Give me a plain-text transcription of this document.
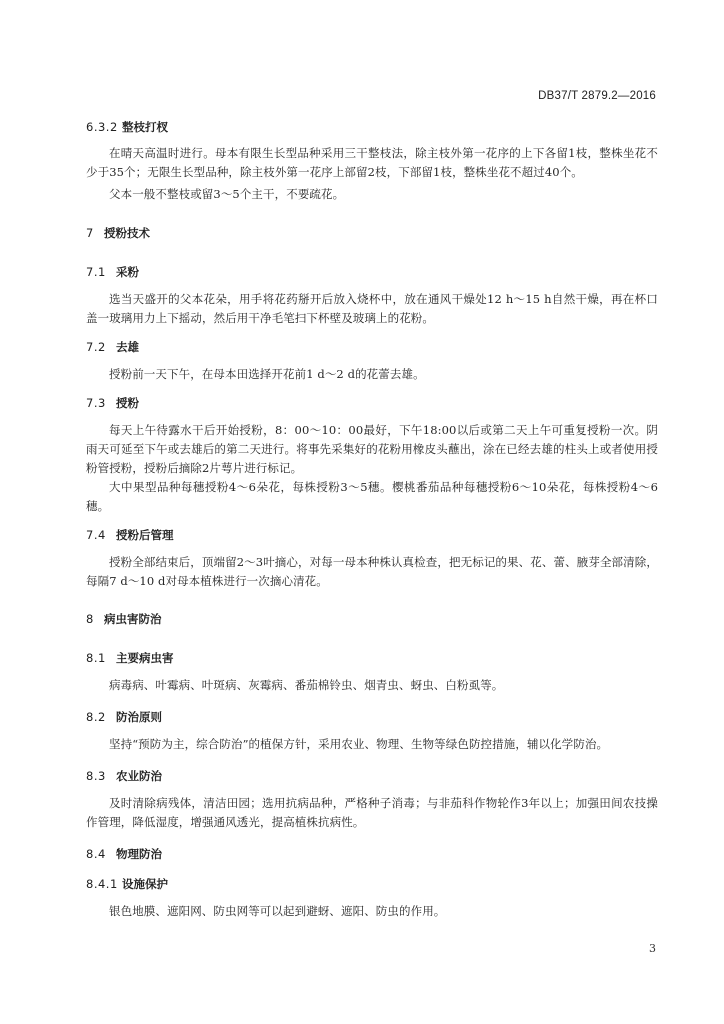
DB37/T 2879.2—2016
6.3.2 整枝打杈

在晴天高温时进行。母本有限生长型品种采用三干整枝法，除主枝外第一花序的上下各留1枝，整株坐花不少于35个；无限生长型品种，除主枝外第一花序上部留2枝，下部留1枝，整株坐花不超过40个。

父本一般不整枝或留3～5个主干，不要疏花。

7 授粉技术
7.1 采粉

选当天盛开的父本花朵，用手将花药掰开后放入烧杯中，放在通风干燥处12 h～15 h自然干燥，再在杯口盖一玻璃用力上下摇动，然后用干净毛笔扫下杯壁及玻璃上的花粉。

7.2 去雄

授粉前一天下午，在母本田选择开花前1 d～2 d的花蕾去雄。

7.3 授粉

每天上午待露水干后开始授粉，8：00～10：00最好，下午18:00以后或第二天上午可重复授粉一次。阴雨天可延至下午或去雄后的第二天进行。将事先采集好的花粉用橡皮头蘸出，涂在已经去雄的柱头上或者使用授粉管授粉，授粉后摘除2片萼片进行标记。

大中果型品种每穗授粉4～6朵花，每株授粉3～5穗。樱桃番茄品种每穗授粉6～10朵花，每株授粉4～6穗。

7.4 授粉后管理

授粉全部结束后，顶端留2～3叶摘心，对每一母本种株认真检查，把无标记的果、花、蕾、腋芽全部清除，每隔7 d～10 d对母本植株进行一次摘心清花。

8 病虫害防治
8.1 主要病虫害

病毒病、叶霉病、叶斑病、灰霉病、番茄棉铃虫、烟青虫、蚜虫、白粉虱等。

8.2 防治原则

坚持“预防为主，综合防治”的植保方针，采用农业、物理、生物等绿色防控措施，辅以化学防治。

8.3 农业防治

及时清除病残体，清洁田园；选用抗病品种，严格种子消毒；与非茄科作物轮作3年以上；加强田间农技操作管理，降低湿度，增强通风透光，提高植株抗病性。

8.4 物理防治
8.4.1 设施保护

银色地膜、遮阳网、防虫网等可以起到避蚜、遮阳、防虫的作用。

3
